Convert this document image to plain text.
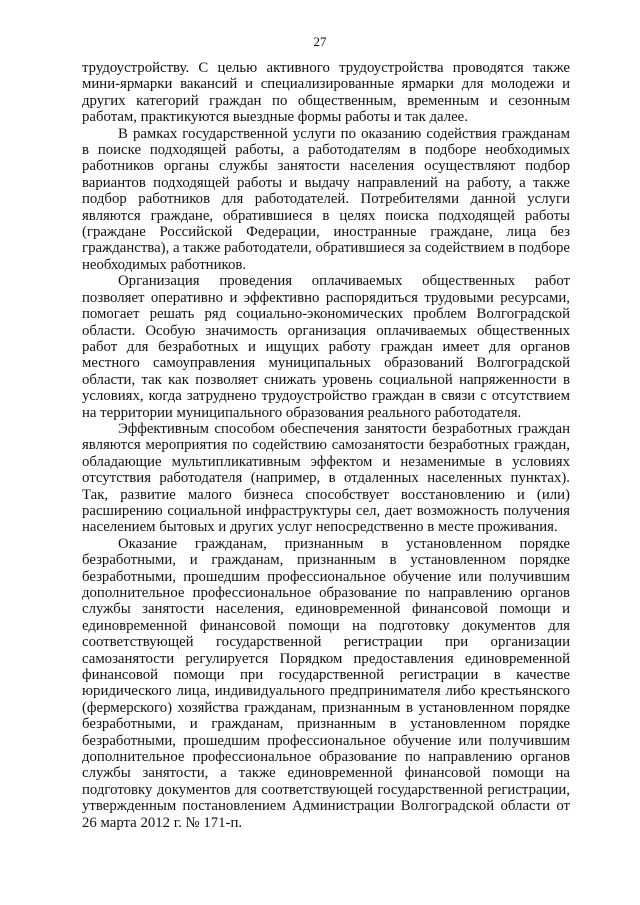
27

трудоустройству. С целью активного трудоустройства проводятся также мини-ярмарки вакансий и специализированные ярмарки для молодежи и других категорий граждан по общественным, временным и сезонным работам, практикуются выездные формы работы и так далее.

В рамках государственной услуги по оказанию содействия гражданам в поиске подходящей работы, а работодателям в подборе необходимых работников органы службы занятости населения осуществляют подбор вариантов подходящей работы и выдачу направлений на работу, а также подбор работников для работодателей. Потребителями данной услуги являются граждане, обратившиеся в целях поиска подходящей работы (граждане Российской Федерации, иностранные граждане, лица без гражданства), а также работодатели, обратившиеся за содействием в подборе необходимых работников.

Организация проведения оплачиваемых общественных работ позволяет оперативно и эффективно распорядиться трудовыми ресурсами, помогает решать ряд социально-экономических проблем Волгоградской области. Особую значимость организация оплачиваемых общественных работ для безработных и ищущих работу граждан имеет для органов местного самоуправления муниципальных образований Волгоградской области, так как позволяет снижать уровень социальной напряженности в условиях, когда затруднено трудоустройство граждан в связи с отсутствием на территории муниципального образования реального работодателя.

Эффективным способом обеспечения занятости безработных граждан являются мероприятия по содействию самозанятости безработных граждан, обладающие мультипликативным эффектом и незаменимые в условиях отсутствия работодателя (например, в отдаленных населенных пунктах). Так, развитие малого бизнеса способствует восстановлению и (или) расширению социальной инфраструктуры сел, дает возможность получения населением бытовых и других услуг непосредственно в месте проживания.

Оказание гражданам, признанным в установленном порядке безработными, и гражданам, признанным в установленном порядке безработными, прошедшим профессиональное обучение или получившим дополнительное профессиональное образование по направлению органов службы занятости населения, единовременной финансовой помощи и единовременной финансовой помощи на подготовку документов для соответствующей государственной регистрации при организации самозанятости регулируется Порядком предоставления единовременной финансовой помощи при государственной регистрации в качестве юридического лица, индивидуального предпринимателя либо крестьянского (фермерского) хозяйства гражданам, признанным в установленном порядке безработными, и гражданам, признанным в установленном порядке безработными, прошедшим профессиональное обучение или получившим дополнительное профессиональное образование по направлению органов службы занятости, а также единовременной финансовой помощи на подготовку документов для соответствующей государственной регистрации, утвержденным постановлением Администрации Волгоградской области от 26 марта 2012 г. № 171-п.
